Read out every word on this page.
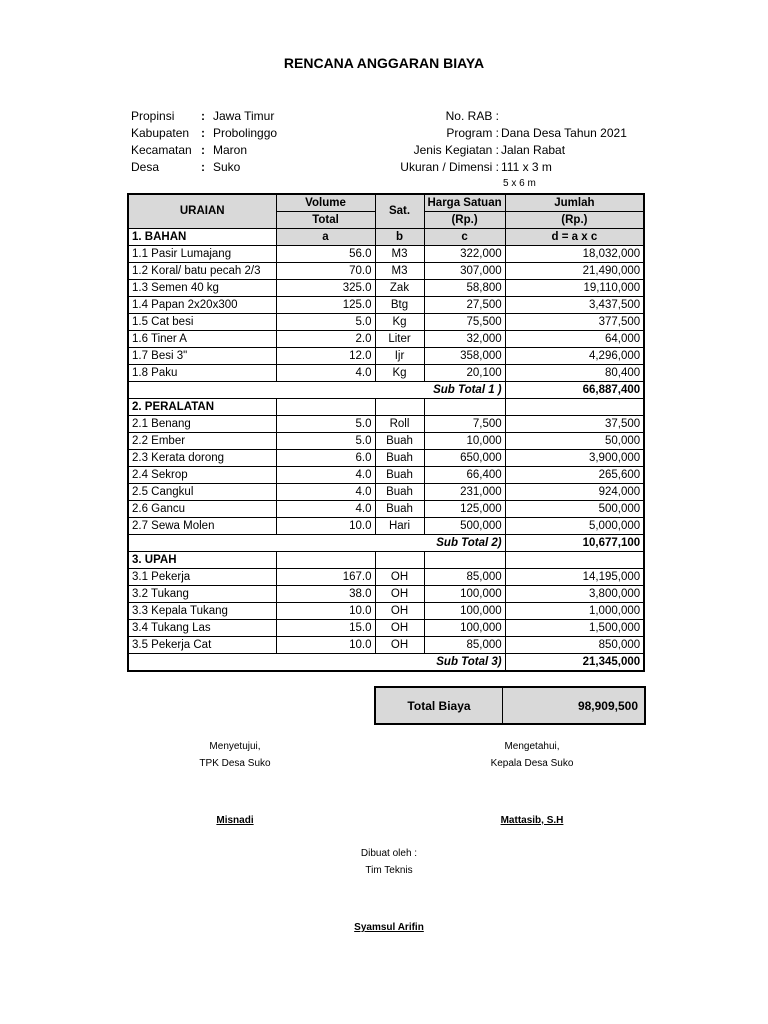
RENCANA ANGGARAN BIAYA
Propinsi : Jawa Timur
Kabupaten : Probolinggo
Kecamatan : Maron
Desa	: Suko
No. RAB :
Program : Dana Desa Tahun 2021
Jenis Kegiatan : Jalan Rabat
Ukuran / Dimensi : 111 x 3 m
5 x 6 m
URAIAN	Volume	Sat.	Harga Satuan	Jumlah
	Total		(Rp.)	(Rp.)
1. BAHAN	a	b	c	d = a x c
1.1 Pasir Lumajang	56.0	M3	322,000	18,032,000
1.2 Koral/ batu pecah 2/3	70.0	M3	307,000	21,490,000
1.3 Semen 40 kg	325.0	Zak	58,800	19,110,000
1.4 Papan 2x20x300	125.0	Btg	27,500	3,437,500
1.5 Cat besi	5.0	Kg	75,500	377,500
1.6 Tiner A	2.0	Liter	32,000	64,000
1.7 Besi 3"	12.0	Ijr	358,000	4,296,000
1.8 Paku	4.0	Kg	20,100	80,400
Sub Total 1 )				66,887,400
2. PERALATAN				
2.1 Benang	5.0	Roll	7,500	37,500
2.2 Ember	5.0	Buah	10,000	50,000
2.3 Kerata dorong	6.0	Buah	650,000	3,900,000
2.4 Sekrop	4.0	Buah	66,400	265,600
2.5 Cangkul	4.0	Buah	231,000	924,000
2.6 Gancu	4.0	Buah	125,000	500,000
2.7 Sewa Molen	10.0	Hari	500,000	5,000,000
Sub Total 2)				10,677,100
3. UPAH				
3.1 Pekerja	167.0	OH	85,000	14,195,000
3.2 Tukang	38.0	OH	100,000	3,800,000
3.3 Kepala Tukang	10.0	OH	100,000	1,000,000
3.4 Tukang Las	15.0	OH	100,000	1,500,000
3.5 Pekerja Cat	10.0	OH	85,000	850,000
Sub Total 3)				21,345,000
Total Biaya	98,909,500
Menyetujui,
TPK Desa Suko
Misnadi
Mengetahui,
Kepala Desa Suko
Mattasib, S.H
Dibuat oleh :
Tim Teknis
Syamsul Arifin
